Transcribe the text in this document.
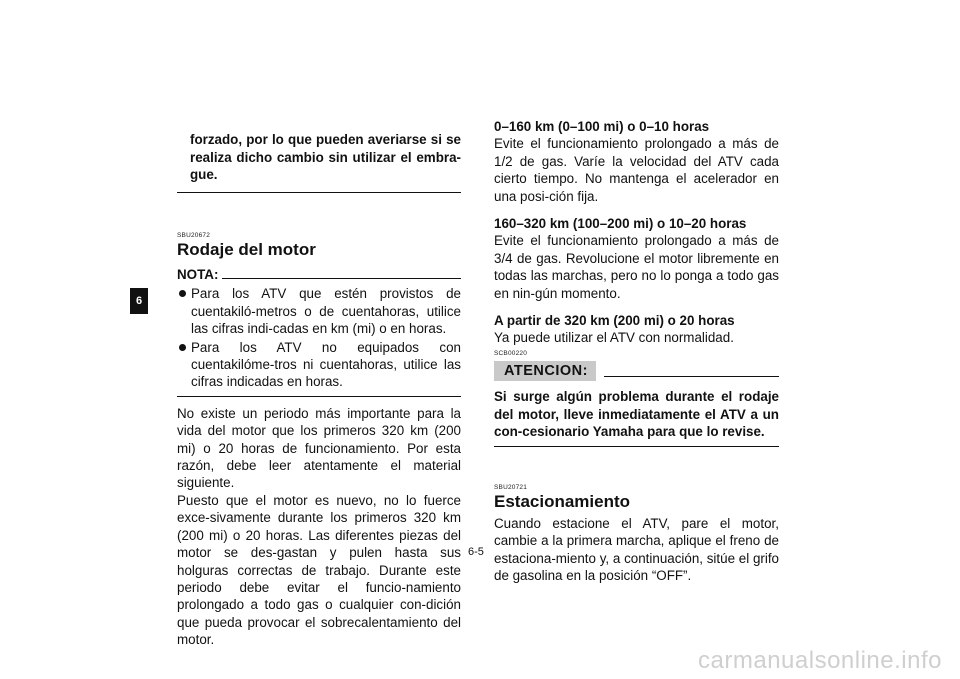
6

forzado, por lo que pueden averiarse si se realiza dicho cambio sin utilizar el embra-gue.

SBU20672

Rodaje del motor

NOTA:
Para los ATV que estén provistos de cuentakiló-metros o de cuentahoras, utilice las cifras indi-cadas en km (mi) o en horas.
Para los ATV no equipados con cuentakilóme-tros ni cuentahoras, utilice las cifras indicadas en horas.

No existe un periodo más importante para la vida del motor que los primeros 320 km (200 mi) o 20 horas de funcionamiento. Por esta razón, debe leer atentamente el material siguiente.

Puesto que el motor es nuevo, no lo fuerce exce-sivamente durante los primeros 320 km (200 mi) o 20 horas. Las diferentes piezas del motor se des-gastan y pulen hasta sus holguras correctas de trabajo. Durante este periodo debe evitar el funcio-namiento prolongado a todo gas o cualquier con-dición que pueda provocar el sobrecalentamiento del motor.

0–160 km (0–100 mi) o 0–10 horas

Evite el funcionamiento prolongado a más de 1/2 de gas. Varíe la velocidad del ATV cada cierto tiempo. No mantenga el acelerador en una posi-ción fija.

160–320 km (100–200 mi) o 10–20 horas

Evite el funcionamiento prolongado a más de 3/4 de gas. Revolucione el motor libremente en todas las marchas, pero no lo ponga a todo gas en nin-gún momento.

A partir de 320 km (200 mi) o 20 horas

Ya puede utilizar el ATV con normalidad.

SCB00220

ATENCION:

Si surge algún problema durante el rodaje del motor, lleve inmediatamente el ATV a un con-cesionario Yamaha para que lo revise.

SBU20721

Estacionamiento

Cuando estacione el ATV, pare el motor, cambie a la primera marcha, aplique el freno de estaciona-miento y, a continuación, sitúe el grifo de gasolina en la posición “OFF”.

6-5
carmanualsonline.info
